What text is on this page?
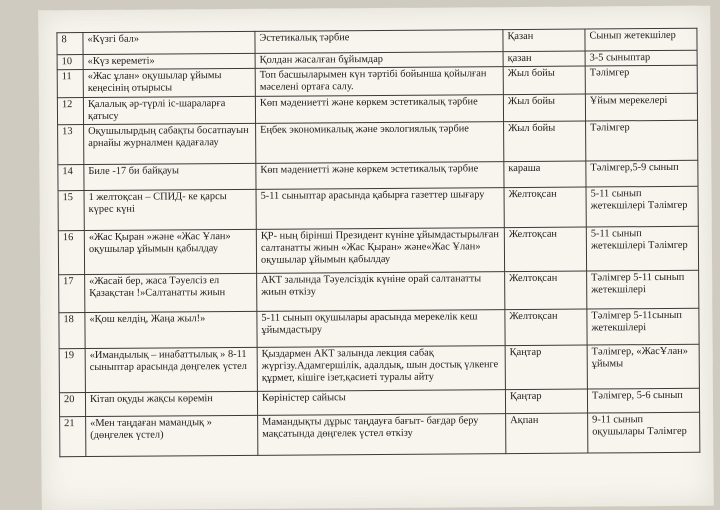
8	«Күзгі бал»	Эстетикалық тәрбие	Қазан	Сынып жетекшілер
10	«Күз кереметі»	Қолдан жасалған бұйымдар	қазан	3-5 сыныптар
11	«Жас ұлан» оқушылар ұйымы кеңесінің отырысы	Топ басшыларымен күн тәртібі бойынша қойылған мәселені ортаға салу.	Жыл бойы	Тәлімгер
12	Қалалық әр-түрлі іс-шараларға қатысу	Көп мәдениетті және көркем эстетикалық тәрбие	Жыл бойы	Ұйым мерекелері
13	Оқушылырдың сабақты босатпауын арнайы журналмен қадағалау	Еңбек экономикалық және экологиялық тәрбие	Жыл бойы	Тәлімгер
14	Биле -17 би байқауы	Көп мәдениетті және көркем эстетикалық тәрбие	караша	Тәлімгер,5-9 сынып
15	1 желтоқсан – СПИД- ке қарсы күрес күні	5-11 сыныптар арасында қабырға газеттер шығару	Желтоқсан	5-11 сынып жетекшілері Тәлімгер
16	«Жас Қыран »және «Жас Ұлан» оқушылар ұйымын қабылдау	ҚР- ның бірінші Президент күніне ұйымдастырылған салтанатты жиын «Жас Қыран» және«Жас Ұлан» оқушылар ұйымын қабылдау	Желтоқсан	5-11 сынып жетекшілері Тәлімгер
17	«Жасай бер, жаса Тәуелсіз ел Қазақстан !»Салтанатты жиын	АКТ залында Тәуелсіздік күніне орай салтанатты жиын өткізу	Желтоқсан	Тәлімгер 5-11 сынып жетекшілері
18	«Қош келдің, Жаңа жыл!»	5-11 сынып оқушылары арасында мерекелік кеш ұйымдастыру	Желтоқсан	Тәлімгер 5-11сынып жетекшілері
19	«Имандылық – инабаттылық » 8-11 сыныптар арасында дөңгелек үстел	Қыздармен АКТ залында лекция сабақ жүргізу.Адамгершілік, адалдық, шын достық үлкенге құрмет, кішіге ізет,қасиеті туралы айту	Қаңтар	Тәлімгер, «ЖасҰлан» ұйымы
20	Кітап оқуды жақсы көремін	Көріністер сайысы	Қаңтар	Тәлімгер, 5-6 сынып
21	«Мен таңдаған мамандық » (дөңгелек үстел)	Мамандықты дұрыс таңдауға бағыт- бағдар беру мақсатында дөңгелек үстел өткізу	Ақпан	9-11 сынып оқушылары Тәлімгер
